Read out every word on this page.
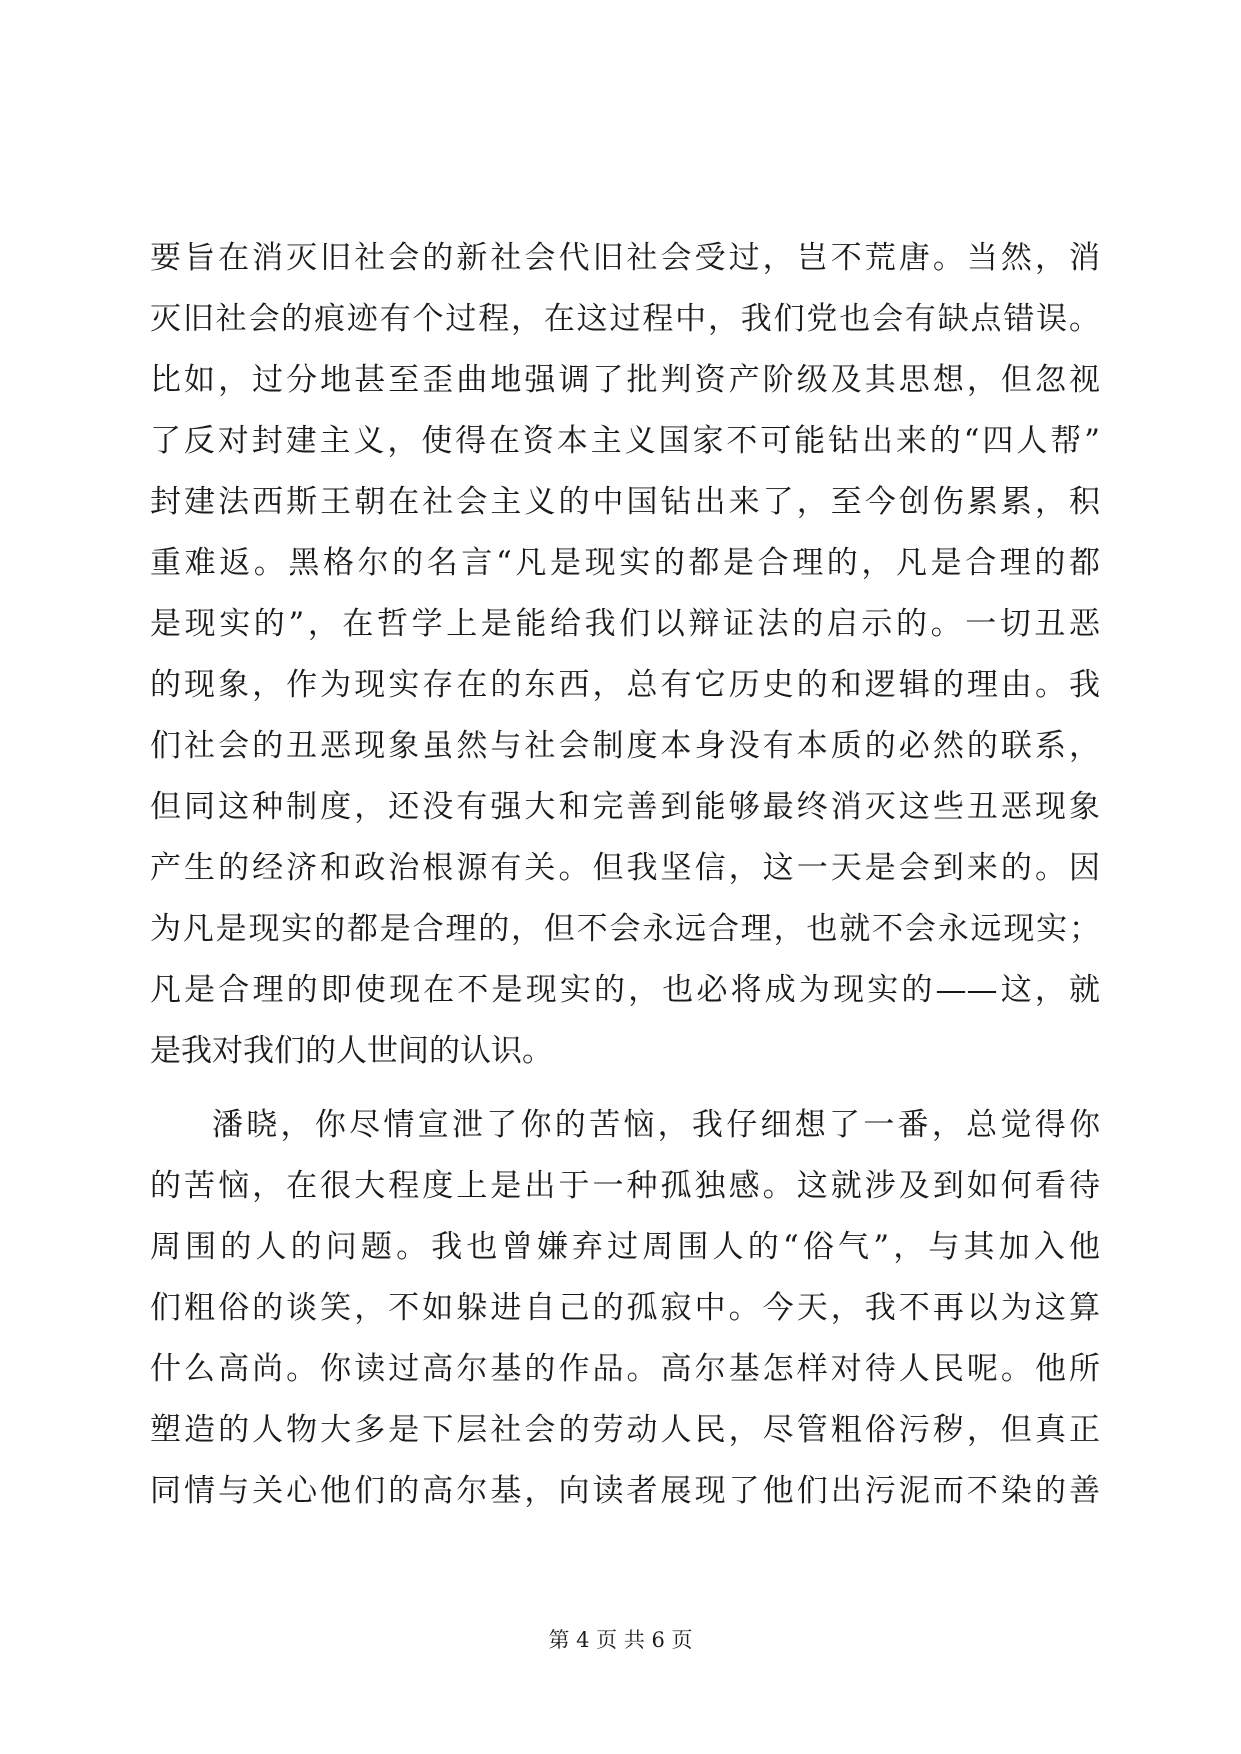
要旨在消灭旧社会的新社会代旧社会受过，岂不荒唐。当然，消
灭旧社会的痕迹有个过程，在这过程中，我们党也会有缺点错误。
比如，过分地甚至歪曲地强调了批判资产阶级及其思想，但忽视
了反对封建主义，使得在资本主义国家不可能钻出来的“四人帮”
封建法西斯王朝在社会主义的中国钻出来了，至今创伤累累，积
重难返。黑格尔的名言“凡是现实的都是合理的，凡是合理的都
是现实的”，在哲学上是能给我们以辩证法的启示的。一切丑恶
的现象，作为现实存在的东西，总有它历史的和逻辑的理由。我
们社会的丑恶现象虽然与社会制度本身没有本质的必然的联系，
但同这种制度，还没有强大和完善到能够最终消灭这些丑恶现象
产生的经济和政治根源有关。但我坚信，这一天是会到来的。因
为凡是现实的都是合理的，但不会永远合理，也就不会永远现实；
凡是合理的即使现在不是现实的，也必将成为现实的——这，就
是我对我们的人世间的认识。
潘晓，你尽情宣泄了你的苦恼，我仔细想了一番，总觉得你
的苦恼，在很大程度上是出于一种孤独感。这就涉及到如何看待
周围的人的问题。我也曾嫌弃过周围人的“俗气”，与其加入他
们粗俗的谈笑，不如躲进自己的孤寂中。今天，我不再以为这算
什么高尚。你读过高尔基的作品。高尔基怎样对待人民呢。他所
塑造的人物大多是下层社会的劳动人民，尽管粗俗污秽，但真正
同情与关心他们的高尔基，向读者展现了他们出污泥而不染的善
第 4 页 共 6 页
